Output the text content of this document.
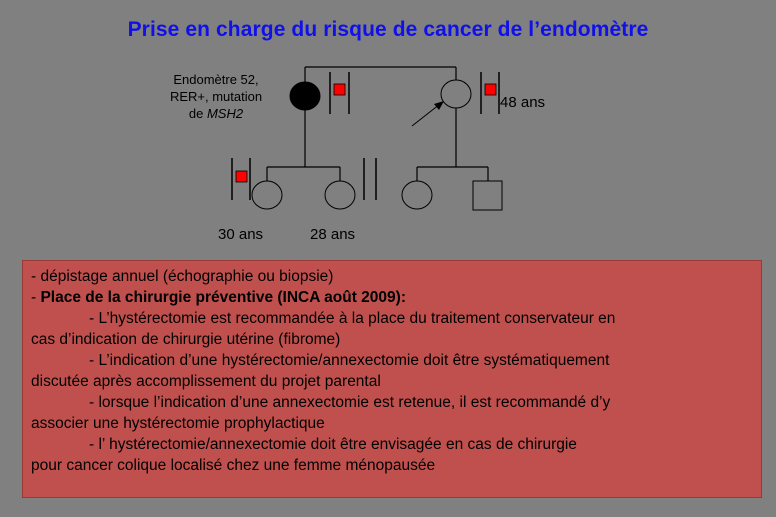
Prise en charge du risque de cancer de l’endomètre
Endomètre 52,
RER+, mutation
de MSH2
48 ans
30 ans	28 ans

- dépistage annuel (échographie ou biopsie)

- Place de la chirurgie préventive (INCA août 2009):

- L’hystérectomie est recommandée à la place du traitement conservateur en

cas d’indication de chirurgie utérine (fibrome)

- L’indication d’une hystérectomie/annexectomie doit être systématiquement

discutée après accomplissement du projet parental

- lorsque l’indication d’une annexectomie est retenue, il est recommandé d’y

associer une hystérectomie prophylactique

- l’ hystérectomie/annexectomie doit être envisagée en cas de chirurgie

pour cancer colique localisé chez une femme ménopausée
